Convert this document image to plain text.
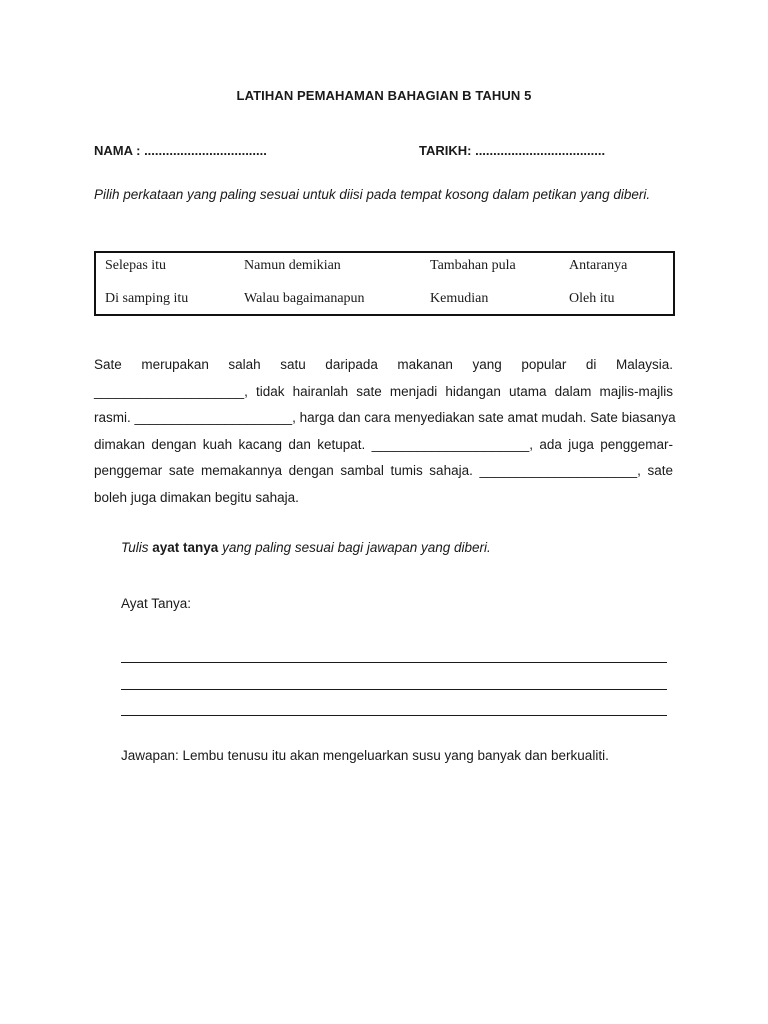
LATIHAN PEMAHAMAN BAHAGIAN B TAHUN 5
NAMA : ..................................	TARIKH: ....................................
Pilih perkataan yang paling sesuai untuk diisi pada tempat kosong dalam petikan yang diberi.
Selepas itu	Namun demikian	Tambahan pula	Antaranya
Di samping itu	Walau bagaimanapun	Kemudian	Oleh itu
Sate merupakan salah satu daripada makanan yang popular di Malaysia.
____________________, tidak hairanlah sate menjadi hidangan utama dalam majlis-majlis
rasmi. _____________________, harga dan cara menyediakan sate amat mudah. Sate biasanya
dimakan dengan kuah kacang dan ketupat. _____________________, ada juga penggemar-
penggemar sate memakannya dengan sambal tumis sahaja. _____________________, sate
boleh juga dimakan begitu sahaja.
Tulis ayat tanya yang paling sesuai bagi jawapan yang diberi.
Ayat Tanya:
Jawapan: Lembu tenusu itu akan mengeluarkan susu yang banyak dan berkualiti.
